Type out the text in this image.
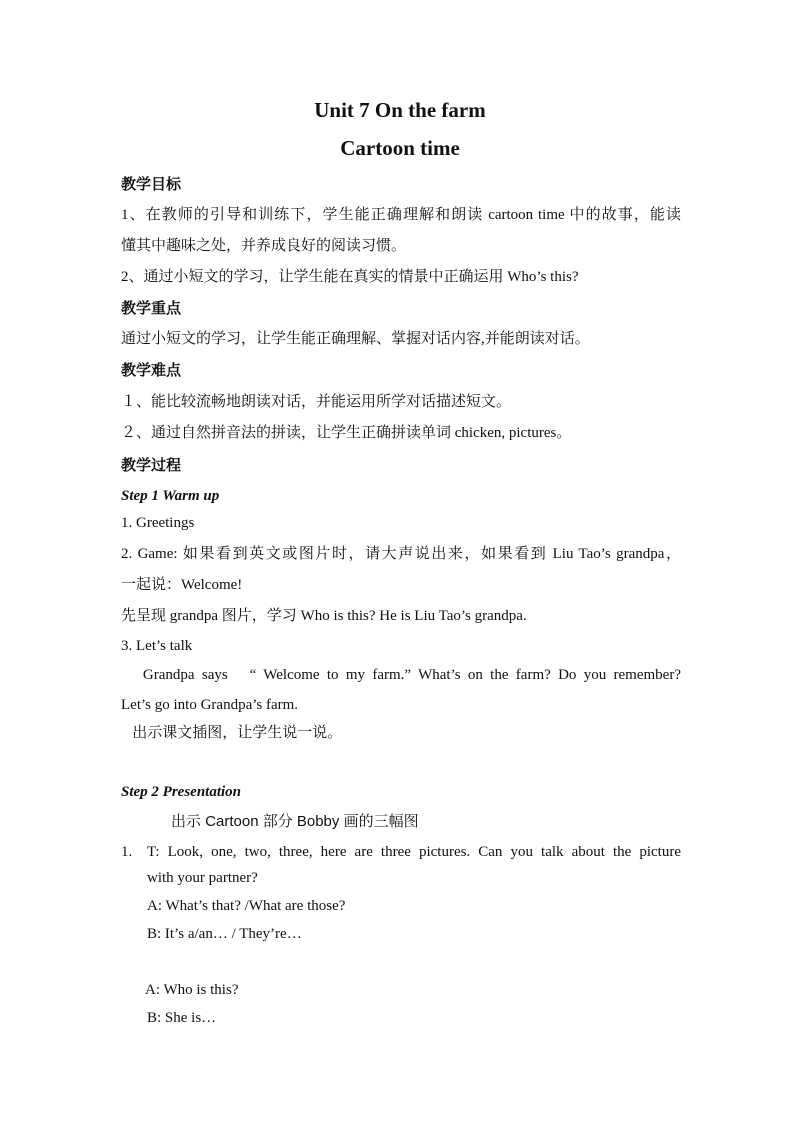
Unit 7 On the farm
Cartoon time
教学目标
1、在教师的引导和训练下，学生能正确理解和朗读 cartoon time 中的故事，能读
懂其中趣味之处，并养成良好的阅读习惯。
2、通过小短文的学习，让学生能在真实的情景中正确运用 Who’s this?
教学重点
通过小短文的学习，让学生能正确理解、掌握对话内容,并能朗读对话。
教学难点
１、能比较流畅地朗读对话，并能运用所学对话描述短文。
２、通过自然拼音法的拼读，让学生正确拼读单词 chicken, pictures。
教学过程
Step 1 Warm up
1. Greetings
2. Game: 如果看到英文或图片时，请大声说出来，如果看到 Liu Tao’s grandpa，
一起说：Welcome!
先呈现 grandpa 图片，学习 Who is this? He is Liu Tao’s grandpa.
3. Let’s talk
Grandpa says   “ Welcome to my farm.” What’s on the farm? Do you remember?
Let’s go into Grandpa’s farm.
出示课文插图，让学生说一说。
Step 2 Presentation
出示 Cartoon 部分 Bobby 画的三幅图
1. T: Look, one, two, three, here are three pictures. Can you talk about the picture
with your partner?
A: What’s that? /What are those?
B: It’s a/an… / They’re…
A: Who is this?
B: She is…
